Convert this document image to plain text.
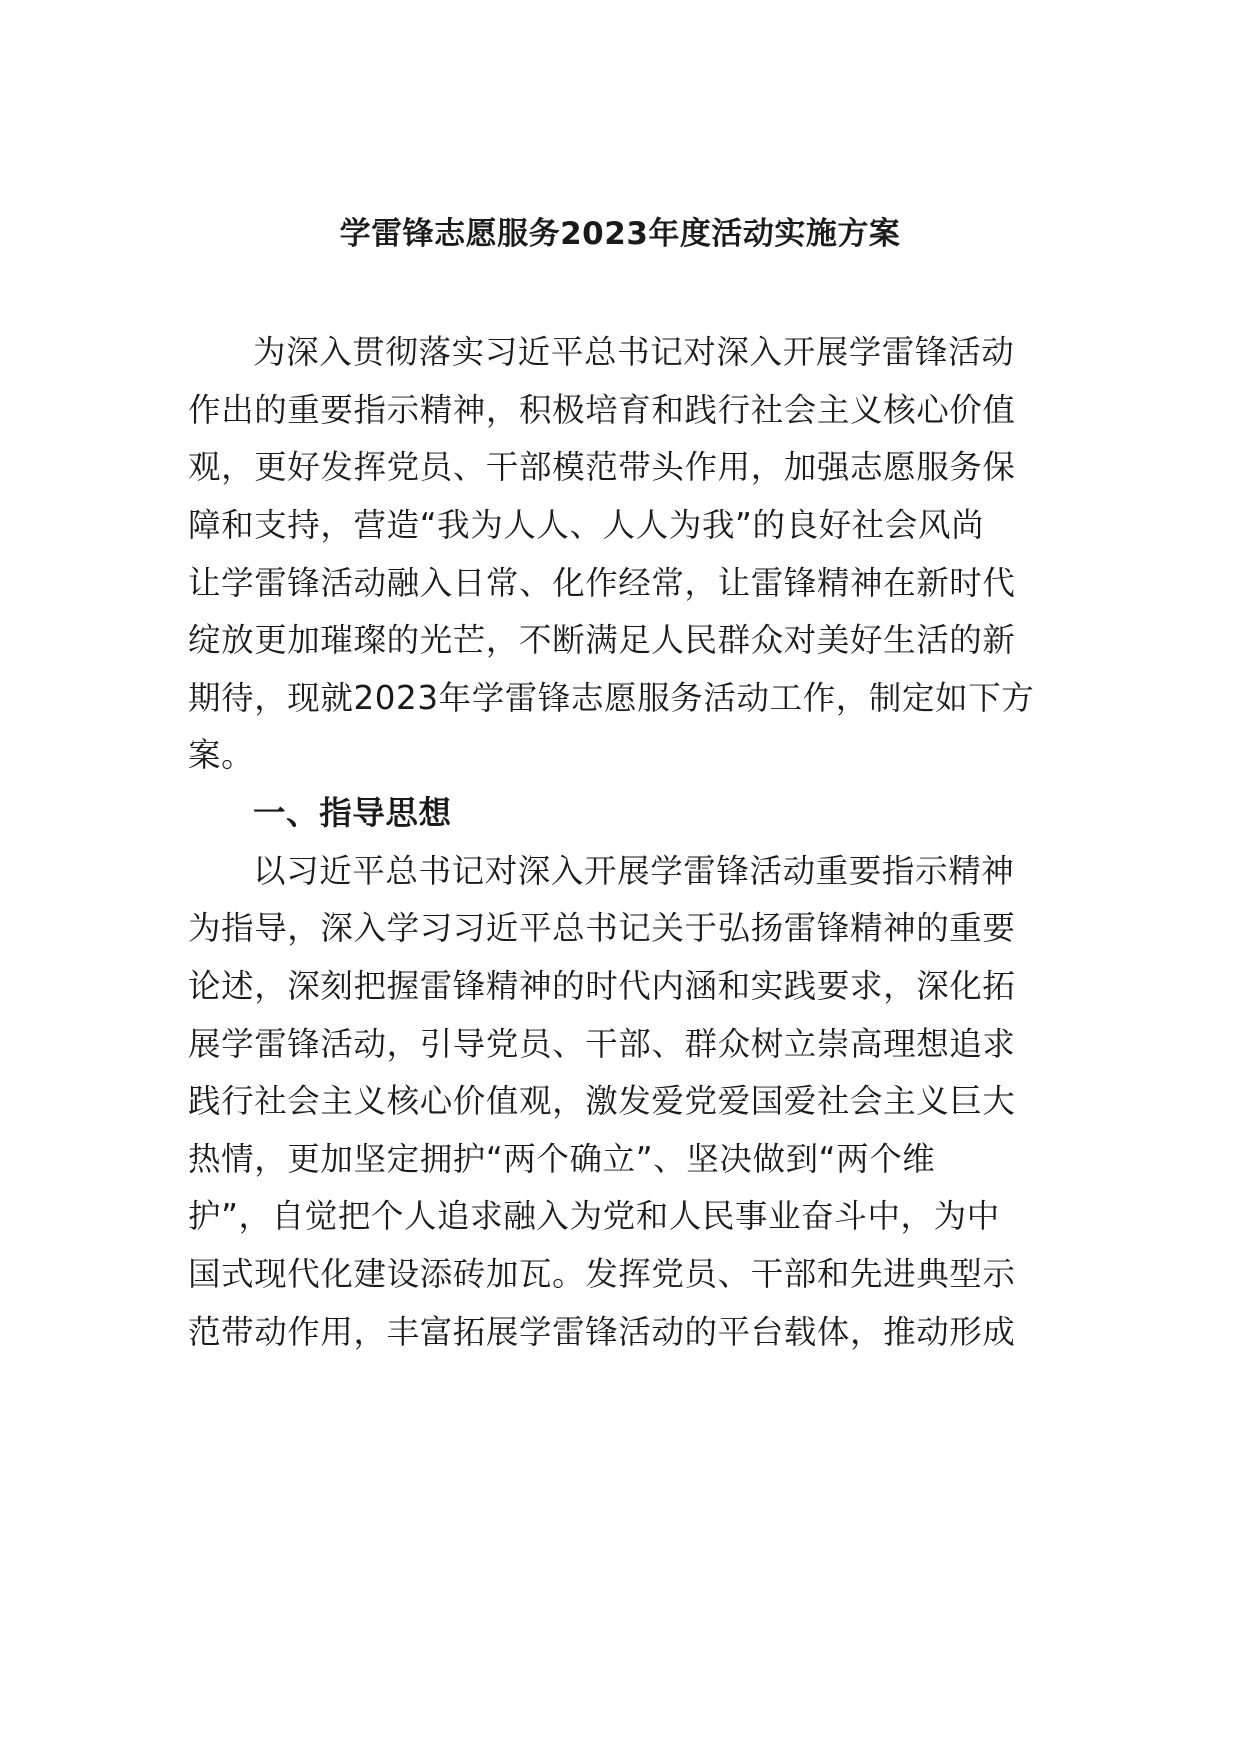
学雷锋志愿服务2023年度活动实施方案
为深入贯彻落实习近平总书记对深入开展学雷锋活动
作出的重要指示精神，积极培育和践行社会主义核心价值
观，更好发挥党员、干部模范带头作用，加强志愿服务保
障和支持，营造“我为人人、人人为我”的良好社会风尚
让学雷锋活动融入日常、化作经常，让雷锋精神在新时代
绽放更加璀璨的光芒，不断满足人民群众对美好生活的新
期待，现就2023年学雷锋志愿服务活动工作，制定如下方
案。
一、指导思想
以习近平总书记对深入开展学雷锋活动重要指示精神
为指导，深入学习习近平总书记关于弘扬雷锋精神的重要
论述，深刻把握雷锋精神的时代内涵和实践要求，深化拓
展学雷锋活动，引导党员、干部、群众树立崇高理想追求
践行社会主义核心价值观，激发爱党爱国爱社会主义巨大
热情，更加坚定拥护“两个确立”、坚决做到“两个维
护”，自觉把个人追求融入为党和人民事业奋斗中，为中
国式现代化建设添砖加瓦。发挥党员、干部和先进典型示
范带动作用，丰富拓展学雷锋活动的平台载体，推动形成
